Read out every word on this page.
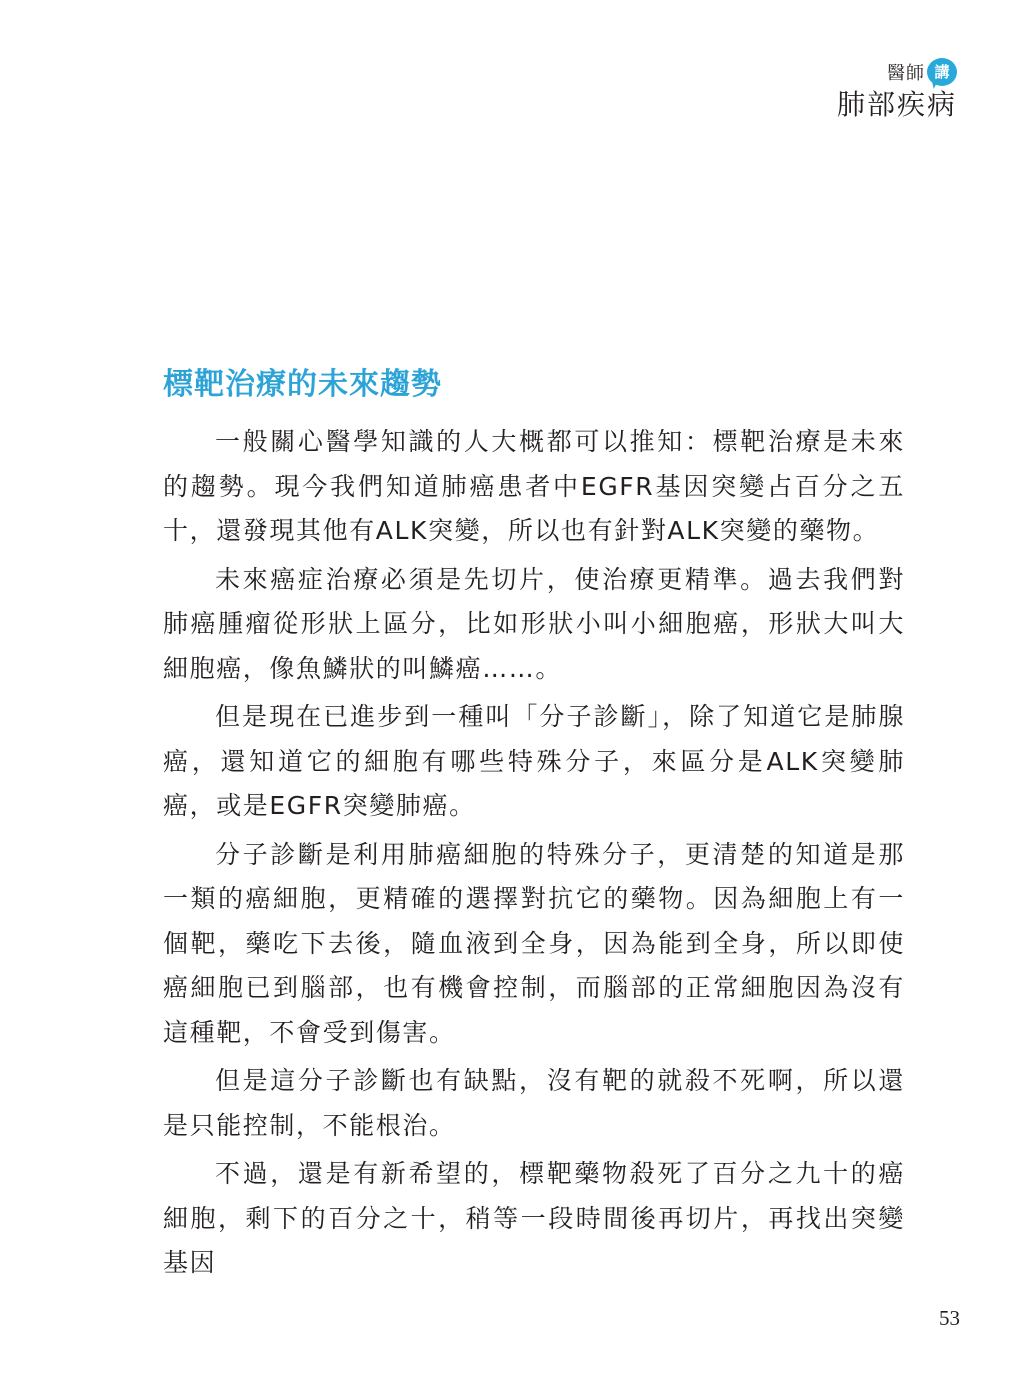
醫師 講
肺部疾病
標靶治療的未來趨勢

一般關心醫學知識的人大概都可以推知：標靶治療是未來的趨勢。現今我們知道肺癌患者中EGFR基因突變占百分之五十，還發現其他有ALK突變，所以也有針對ALK突變的藥物。

未來癌症治療必須是先切片，使治療更精準。過去我們對肺癌腫瘤從形狀上區分，比如形狀小叫小細胞癌，形狀大叫大細胞癌，像魚鱗狀的叫鱗癌……。

但是現在已進步到一種叫「分子診斷」，除了知道它是肺腺癌，還知道它的細胞有哪些特殊分子，來區分是ALK突變肺癌，或是EGFR突變肺癌。

分子診斷是利用肺癌細胞的特殊分子，更清楚的知道是那一類的癌細胞，更精確的選擇對抗它的藥物。因為細胞上有一個靶，藥吃下去後，隨血液到全身，因為能到全身，所以即使癌細胞已到腦部，也有機會控制，而腦部的正常細胞因為沒有這種靶，不會受到傷害。

但是這分子診斷也有缺點，沒有靶的就殺不死啊，所以還是只能控制，不能根治。

不過，還是有新希望的，標靶藥物殺死了百分之九十的癌細胞，剩下的百分之十，稍等一段時間後再切片，再找出突變基因

53
